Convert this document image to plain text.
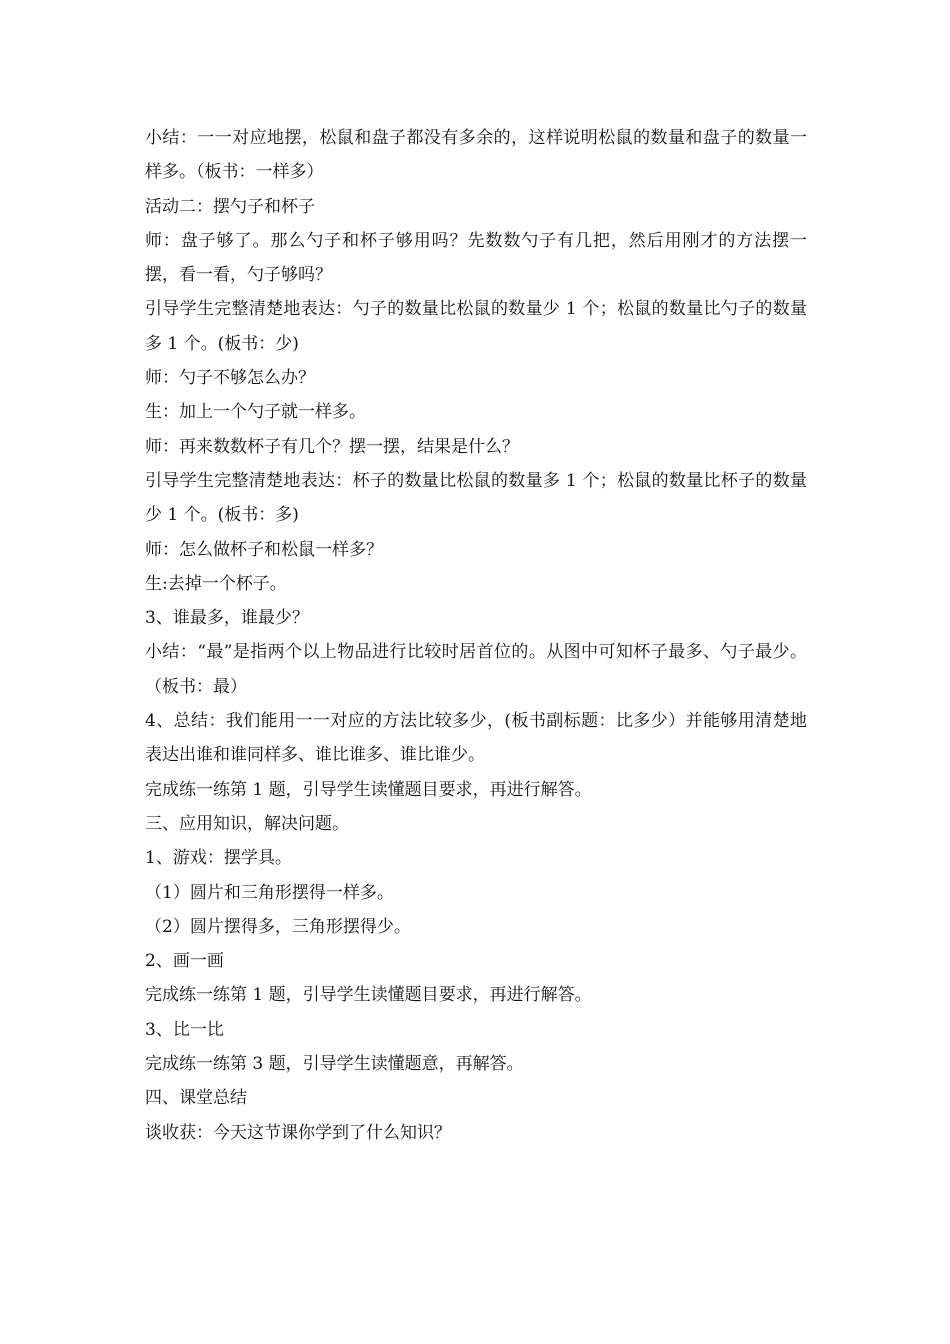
小结：一一对应地摆，松鼠和盘子都没有多余的，这样说明松鼠的数量和盘子的数量一样多。（板书：一样多）

活动二：摆勺子和杯子

师：盘子够了。那么勺子和杯子够用吗？先数数勺子有几把，然后用刚才的方法摆一摆，看一看，勺子够吗？

引导学生完整清楚地表达：勺子的数量比松鼠的数量少 1 个；松鼠的数量比勺子的数量多 1 个。(板书：少)

师：勺子不够怎么办？

生：加上一个勺子就一样多。

师：再来数数杯子有几个？摆一摆，结果是什么？

引导学生完整清楚地表达：杯子的数量比松鼠的数量多 1 个；松鼠的数量比杯子的数量少 1 个。(板书：多)

师：怎么做杯子和松鼠一样多？

生:去掉一个杯子。

3、谁最多，谁最少？

小结：“最”是指两个以上物品进行比较时居首位的。从图中可知杯子最多、勺子最少。（板书：最）

4、总结：我们能用一一对应的方法比较多少，(板书副标题：比多少）并能够用清楚地表达出谁和谁同样多、谁比谁多、谁比谁少。

完成练一练第 1 题，引导学生读懂题目要求，再进行解答。

三、应用知识，解决问题。

1、游戏：摆学具。

（1）圆片和三角形摆得一样多。

（2）圆片摆得多，三角形摆得少。

2、画一画

完成练一练第 1 题，引导学生读懂题目要求，再进行解答。

3、比一比

完成练一练第 3 题，引导学生读懂题意，再解答。

四、课堂总结

谈收获：今天这节课你学到了什么知识？
